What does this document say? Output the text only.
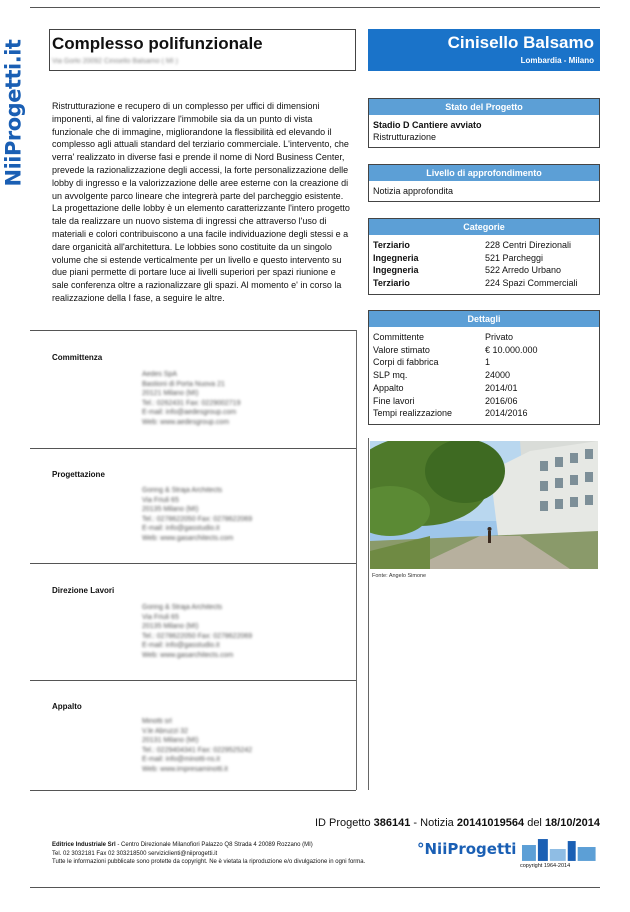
NiiProgetti.it Complesso polifunzionale
Via Gorki 20092 Cinisello Balsamo ( MI )
Cinisello Balsamo
Lombardia - Milano
Ristrutturazione e recupero di un complesso per uffici di dimensioni imponenti, al fine di valorizzare l'immobile sia da un punto di vista funzionale che di immagine, migliorandone la flessibilità ed elevando il complesso agli attuali standard del terziario commerciale. L'intervento, che verra' realizzato in diverse fasi e prende il nome di Nord Business Center, prevede la razionalizzazione degli accessi, la forte personalizzazione delle lobby di ingresso e la valorizzazione delle aree esterne con la creazione di un avvolgente parco lineare che integrerà parte del parcheggio esistente. La progettazione delle lobby è un elemento caratterizzante l'intero progetto tale da realizzare un nuovo sistema di ingressi che attraverso l'uso di materiali e colori contribuiscono a una facile individuazione degli stessi e a dare organicità all'architettura. Le lobbies sono costituite da un singolo volume che si estende verticalmente per un livello e questo intervento su due piani permette di portare luce ai livelli superiori per spazi riunione e sale conferenza oltre a razionalizzare gli spazi. Al momento e' in corso la realizzazione della I fase, a seguire le altre.
Stato del Progetto
Stadio D Cantiere avviato
Ristrutturazione
Livello di approfondimento
Notizia approfondita
Categorie
Terziario	228 Centri Direzionali
Ingegneria	521 Parcheggi
Ingegneria	522 Arredo Urbano
Terziario	224 Spazi Commerciali
Dettagli
Committente	Privato
Valore stimato	€ 10.000.000
Corpi di fabbrica	1
SLP mq.	24000
Appalto	2014/01
Fine lavori	2016/06
Tempi realizzazione	2014/2016
Fonte: Angelo Simone
Committenza
Aedes SpA
Bastioni di Porta Nuova 21
20121 Milano (MI)
Tel.: 0262431 Fax: 0229002719
E-mail: info@aedesgroup.com
Web: www.aedesgroup.com
Progettazione
Goring & Straja Architects
Via Friuli 65
20135 Milano (MI)
Tel.: 0278622050 Fax: 0278622069
E-mail: info@gasstudio.it
Web: www.gasarchitects.com
Direzione Lavori
Goring & Straja Architects
Via Friuli 65
20135 Milano (MI)
Tel.: 0278622050 Fax: 0278622069
E-mail: info@gasstudio.it
Web: www.gasarchitects.com
Appalto
Minotti srl
V.le Abruzzi 32
20131 Milano (MI)
Tel.: 0229404341 Fax: 0229525242
E-mail: info@minotti-ns.it
Web: www.impresaminotti.it
ID Progetto 386141 - Notizia 20141019564 del 18/10/2014
Editrice Industriale Srl - Centro Direzionale Milanofiori Palazzo Q8 Strada 4 20089 Rozzano (MI)
Tel. 02 3032181 Fax 02 303218500 serviziclienti@niiprogetti.it
Tutte le informazioni pubblicate sono protette da copyright. Ne è vietata la riproduzione e/o divulgazione in ogni forma.
°NiiProgetti
copyright 1964-2014
